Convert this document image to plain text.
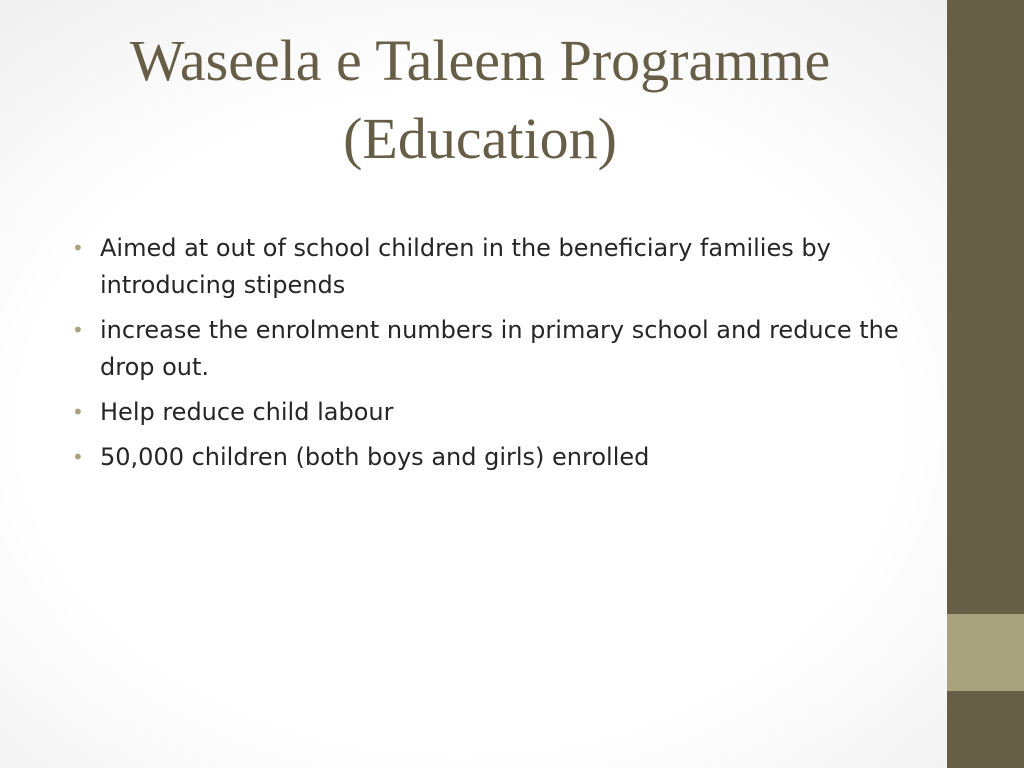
Waseela e Taleem Programme
(Education)
• Aimed at out of school children in the beneficiary families by introducing stipends
• increase the enrolment numbers in primary school and reduce the drop out.
• Help reduce child labour
• 50,000 children (both boys and girls) enrolled
